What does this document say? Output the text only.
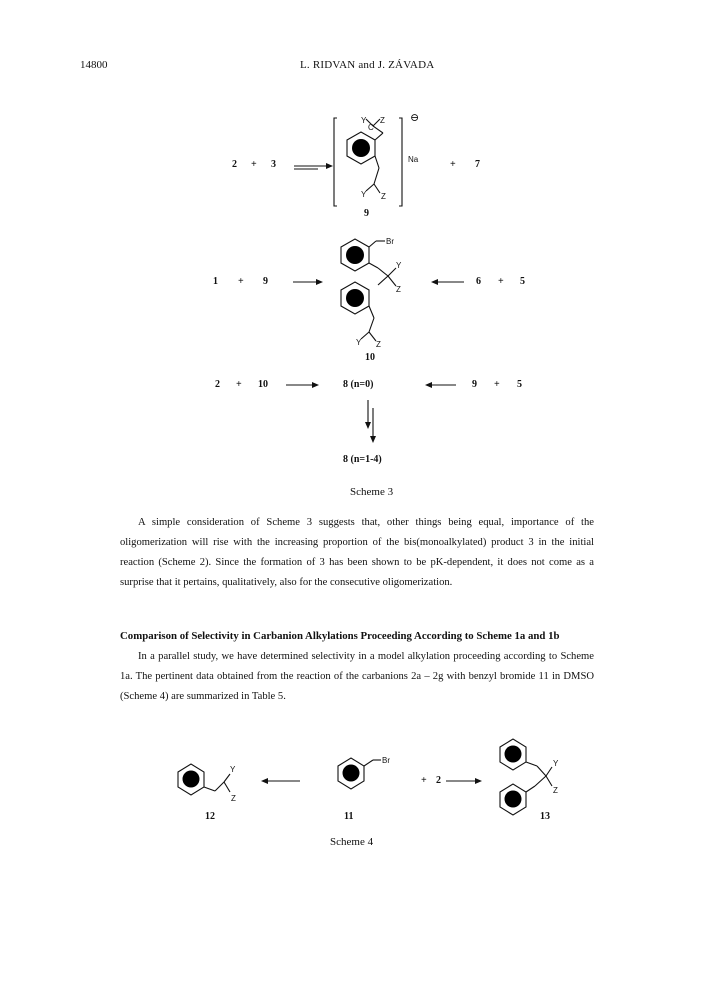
14800	L. RIDVAN and J. ZÁVADA
Y
C
Z
Y Z
Br
Y
Z
Y Z
Y
Z
Br	Y
Z
2 + 3
⊖
Na	+ 7
9
1 + 9
10
6 + 5
2 + 10	8 (n=0)	9 + 5
8 (n=1-4)
Scheme 3
A simple consideration of Scheme 3 suggests that, other things being equal, importance of the oligomerization will rise with the increasing proportion of the bis(monoalkylated) product 3 in the initial reaction (Scheme 2). Since the formation of 3 has been shown to be pK-dependent, it does not come as a surprise that it pertains, qualitatively, also for the consecutive oligomerization.
Comparison of Selectivity in Carbanion Alkylations Proceeding According to Scheme 1a and 1b
In a parallel study, we have determined selectivity in a model alkylation proceeding according to Scheme 1a. The pertinent data obtained from the reaction of the carbanions 2a – 2g with benzyl bromide 11 in DMSO (Scheme 4) are summarized in Table 5.
+ 2
12	11	13
Scheme 4
